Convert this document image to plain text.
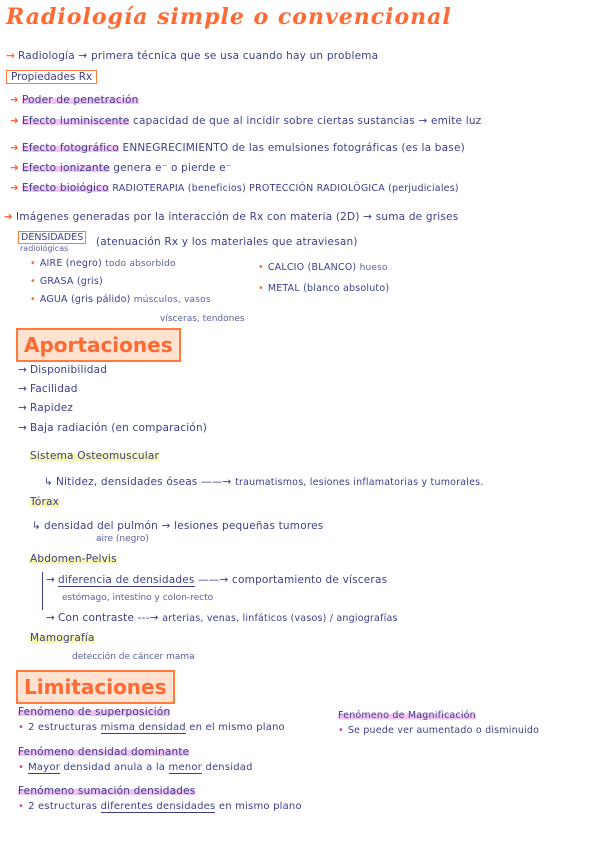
Radiología simple o convencional
→ Radiología → primera técnica que se usa cuando hay un problema
Propiedades Rx
➜ Poder de penetración
➜ Efecto luminiscente capacidad de que al incidir sobre ciertas sustancias → emite luz
➜ Efecto fotográfico ENNEGRECIMIENTO de las emulsiones fotográficas (es la base)
➜ Efecto ionizante genera e⁻ o pierde e⁻
➜ Efecto biológico RADIOTERAPIA (beneficios) PROTECCIÓN RADIOLÓGICA (perjudiciales)
➜ Imágenes generadas por la interacción de Rx con materia (2D) → suma de grises
DENSIDADES
radiológicas
(atenuación Rx y los materiales que atraviesan)
• AIRE (negro) todo absorbido
• GRASA (gris)
• AGUA (gris pálido) músculos, vasos
vísceras, tendones
• CALCIO (BLANCO) hueso
• METAL (blanco absoluto)
Aportaciones
→ Disponibilidad
→ Facilidad
→ Rapidez
→ Baja radiación (en comparación)
Sistema Osteomuscular
↳ Nitidez, densidades óseas ——→ traumatismos, lesiones inflamatorias y tumorales.
Tórax
↳ densidad del pulmón → lesiones pequeñas tumores
aire (negro)
Abdomen-Pelvis
→ diferencia de densidades ——→ comportamiento de vísceras
estómago, intestino y colon-recto
→ Con contraste ---→ arterias, venas, linfáticos (vasos) / angiografías
Mamografía
detección de cáncer mama
Limitaciones
Fenómeno de superposición
• 2 estructuras misma densidad en el mismo plano
Fenómeno densidad dominante
• Mayor densidad anula a la menor densidad
Fenómeno sumación densidades
• 2 estructuras diferentes densidades en mismo plano
Fenómeno de Magnificación
• Se puede ver aumentado o disminuido
